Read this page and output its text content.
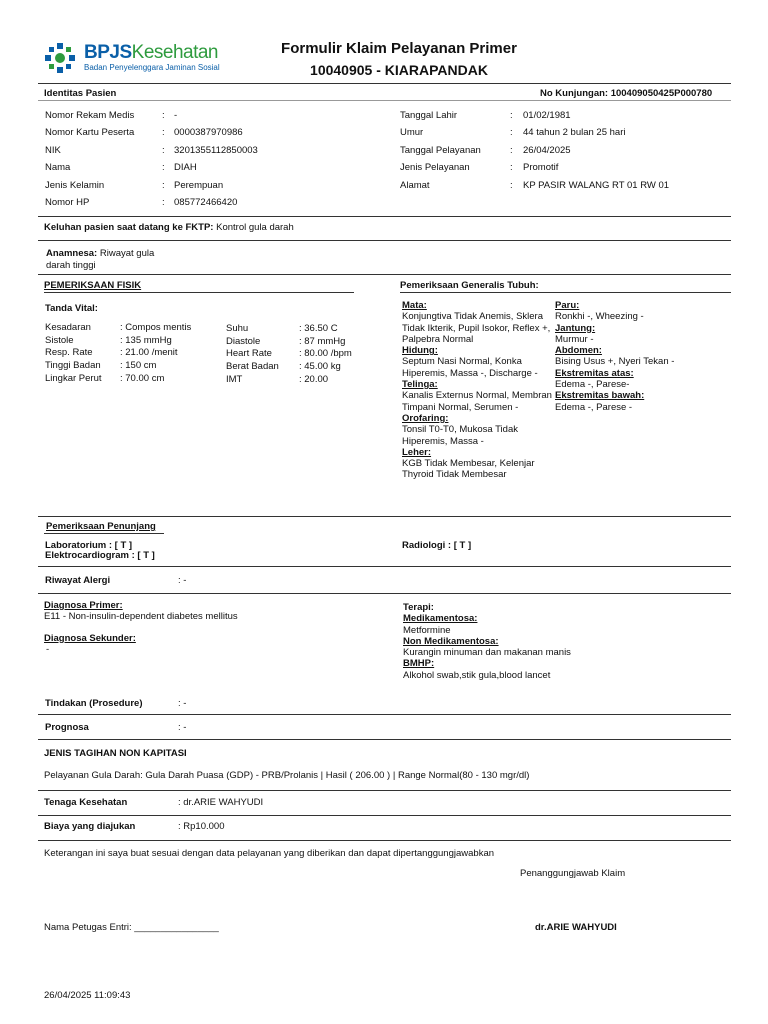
BPJSKesehatan
Badan Penyelenggara Jaminan Sosial
Formulir Klaim Pelayanan Primer
10040905 - KIARAPANDAK
Identitas Pasien	No Kunjungan: 100409050425P000780
Nomor Rekam Medis	: -
Nomor Kartu Peserta	: 0000387970986
NIK	: 3201355112850003
Nama	: DIAH
Jenis Kelamin	: Perempuan
Nomor HP	: 085772466420
Tanggal Lahir	: 01/02/1981
Umur	: 44 tahun 2 bulan 25 hari
Tanggal Pelayanan	: 26/04/2025
Jenis Pelayanan	: Promotif
Alamat	: KP PASIR WALANG RT 01 RW 01
Keluhan pasien saat datang ke FKTP: Kontrol gula darah
Anamnesa: Riwayat gula
darah tinggi
PEMERIKSAAN FISIK	Pemeriksaan Generalis Tubuh:
Tanda Vital:
Kesadaran	: Compos mentis
Sistole	: 135 mmHg
Resp. Rate	: 21.00 /menit
Tinggi Badan : 150 cm
Lingkar Perut : 70.00 cm
Suhu	: 36.50 C
Diastole	: 87 mmHg
Heart Rate	: 80.00 /bpm
Berat Badan : 45.00 kg
IMT	: 20.00
Mata:
Konjungtiva Tidak Anemis, Sklera Tidak Ikterik, Pupil Isokor, Reflex +, Palpebra Normal
Hidung:
Septum Nasi Normal, Konka Hiperemis, Massa -, Discharge -
Telinga:
Kanalis Externus Normal, Membran Timpani Normal, Serumen -
Orofaring:
Tonsil T0-T0, Mukosa Tidak Hiperemis, Massa -
Leher:
KGB Tidak Membesar, Kelenjar Thyroid Tidak Membesar
Paru:
Ronkhi -, Wheezing -
Jantung:
Murmur -
Abdomen:
Bising Usus +, Nyeri Tekan -
Ekstremitas atas:
Edema -, Parese-
Ekstremitas bawah:
Edema -, Parese -
Pemeriksaan Penunjang
Laboratorium : [ T ]
Elektrocardiogram : [ T ]
Radiologi : [ T ]
Riwayat Alergi	: -
Diagnosa Primer:
E11 - Non-insulin-dependent diabetes mellitus
Diagnosa Sekunder:
-
Terapi:
Medikamentosa:
Metformine
Non Medikamentosa:
Kurangin minuman dan makanan manis
BMHP:
Alkohol swab,stik gula,blood lancet
Tindakan (Prosedure)	: -
Prognosa	: -
JENIS TAGIHAN NON KAPITASI
Pelayanan Gula Darah: Gula Darah Puasa (GDP) - PRB/Prolanis | Hasil ( 206.00 ) | Range Normal(80 - 130 mgr/dl)
Tenaga Kesehatan	: dr.ARIE WAHYUDI
Biaya yang diajukan	: Rp10.000
Keterangan ini saya buat sesuai dengan data pelayanan yang diberikan dan dapat dipertanggungjawabkan
Penanggungjawab Klaim
Nama Petugas Entri: ________________	dr.ARIE WAHYUDI
26/04/2025 11:09:43
